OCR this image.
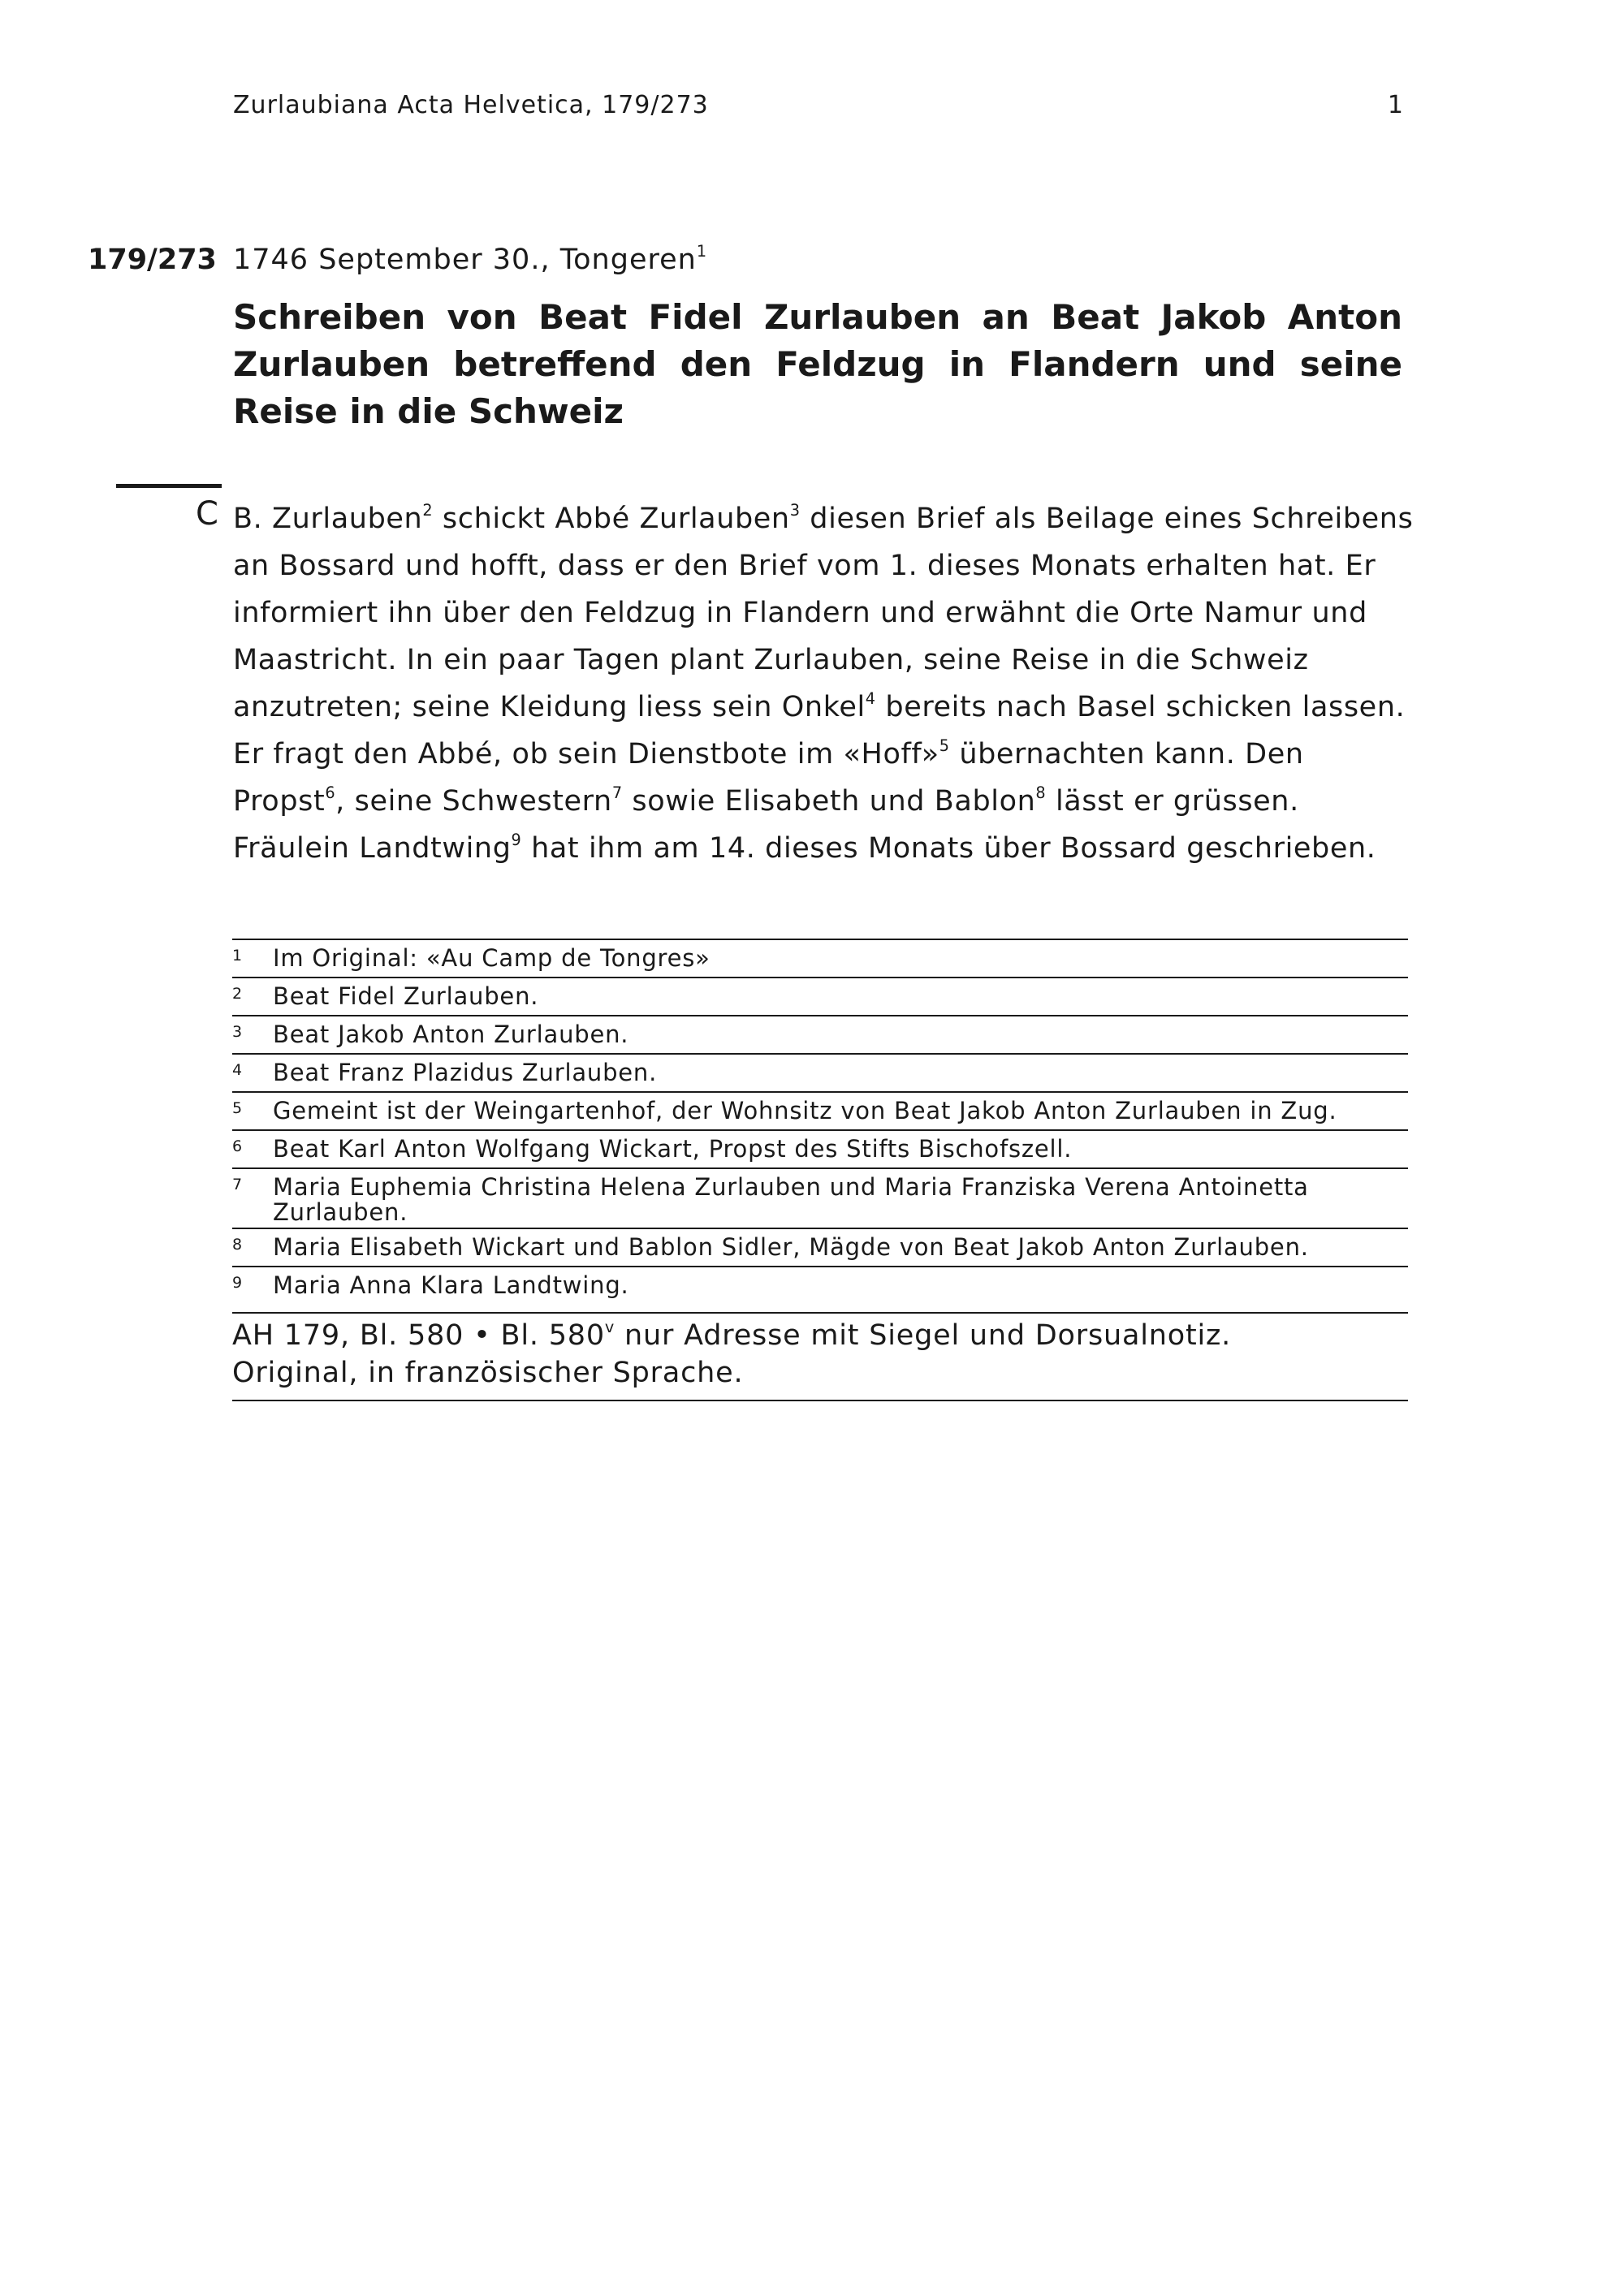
Zurlaubiana Acta Helvetica, 179/273	1
179/273 1746 September 30., Tongeren$^1$
Schreiben von Beat Fidel Zurlauben an Beat Jakob Anton Zurlauben betreffend den Feldzug in Flandern und seine Reise in die Schweiz
C B. Zurlauben$^2$ schickt Abbé Zurlauben$^3$ diesen Brief als Beilage eines Schreibens an Bossard und hofft, dass er den Brief vom 1. dieses Monats erhalten hat. Er informiert ihn über den Feldzug in Flandern und erwähnt die Orte Namur und Maastricht. In ein paar Tagen plant Zurlauben, seine Reise in die Schweiz anzutreten; seine Kleidung liess sein Onkel$^4$ bereits nach Basel schicken lassen. Er fragt den Abbé, ob sein Dienstbote im «Hoff»$^5$ übernachten kann. Den Propst$^6$, seine Schwestern$^7$ sowie Elisabeth und Bablon$^8$ lässt er grüssen. Fräulein Landtwing$^9$ hat ihm am 14. dieses Monats über Bossard geschrieben.

1 Im Original: «Au Camp de Tongres»
2 Beat Fidel Zurlauben.
3 Beat Jakob Anton Zurlauben.
4 Beat Franz Plazidus Zurlauben.
5 Gemeint ist der Weingartenhof, der Wohnsitz von Beat Jakob Anton Zurlauben in Zug.
6 Beat Karl Anton Wolfgang Wickart, Propst des Stifts Bischofszell.
7 Maria Euphemia Christina Helena Zurlauben und Maria Franziska Verena Antoinetta Zurlauben.
8 Maria Elisabeth Wickart und Bablon Sidler, Mägde von Beat Jakob Anton Zurlauben.
9 Maria Anna Klara Landtwing.
AH 179, Bl. 580 • Bl. 580$^v$ nur Adresse mit Siegel und Dorsualnotiz.
Original, in französischer Sprache.
